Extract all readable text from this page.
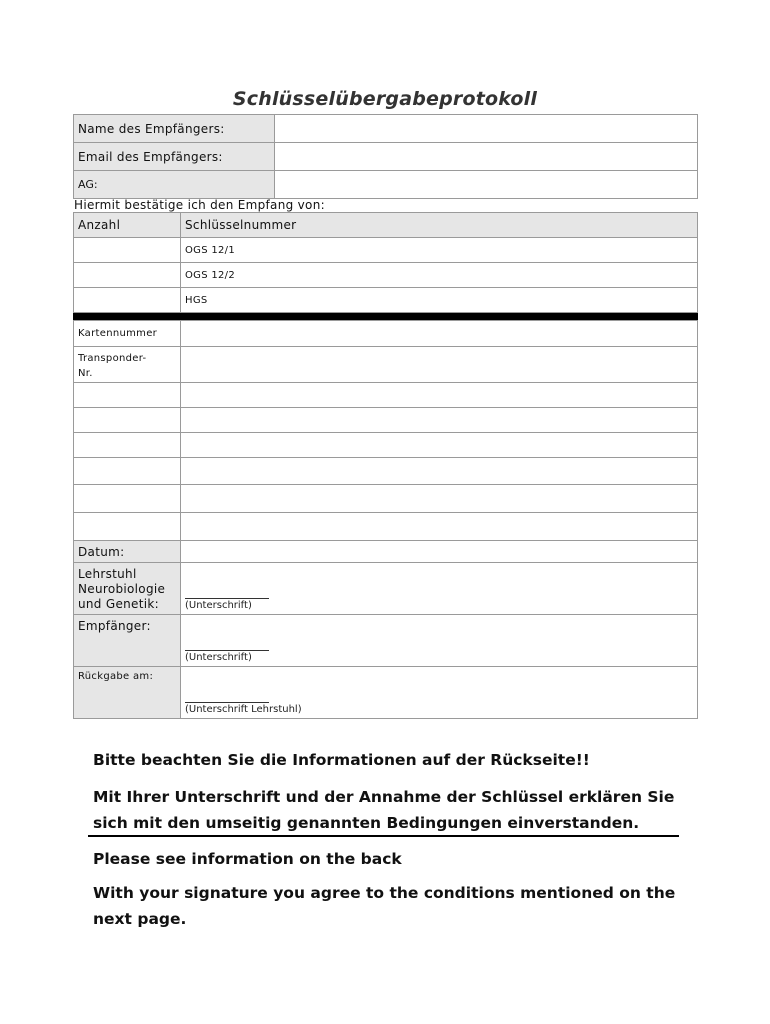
Schlüsselübergabeprotokoll
Name des Empfängers:	
Email des Empfängers:	
AG:	
Hiermit bestätige ich den Empfang von:
Anzahl	Schlüsselnummer
	OGS 12/1
	OGS 12/2
	HGS
Kartennummer	
Transponder-
Nr.	

Datum:	
Lehrstuhl
Neurobiologie
und Genetik:	(Unterschrift)

Empfänger:	(Unterschrift)

Rückgabe am:	(Unterschrift Lehrstuhl)
Bitte beachten Sie die Informationen auf der Rückseite!!
Mit Ihrer Unterschrift und der Annahme der Schlüssel erklären Sie sich mit den umseitig genannten Bedingungen einverstanden.
Please see information on the back
With your signature you agree to the conditions mentioned on the next page.
